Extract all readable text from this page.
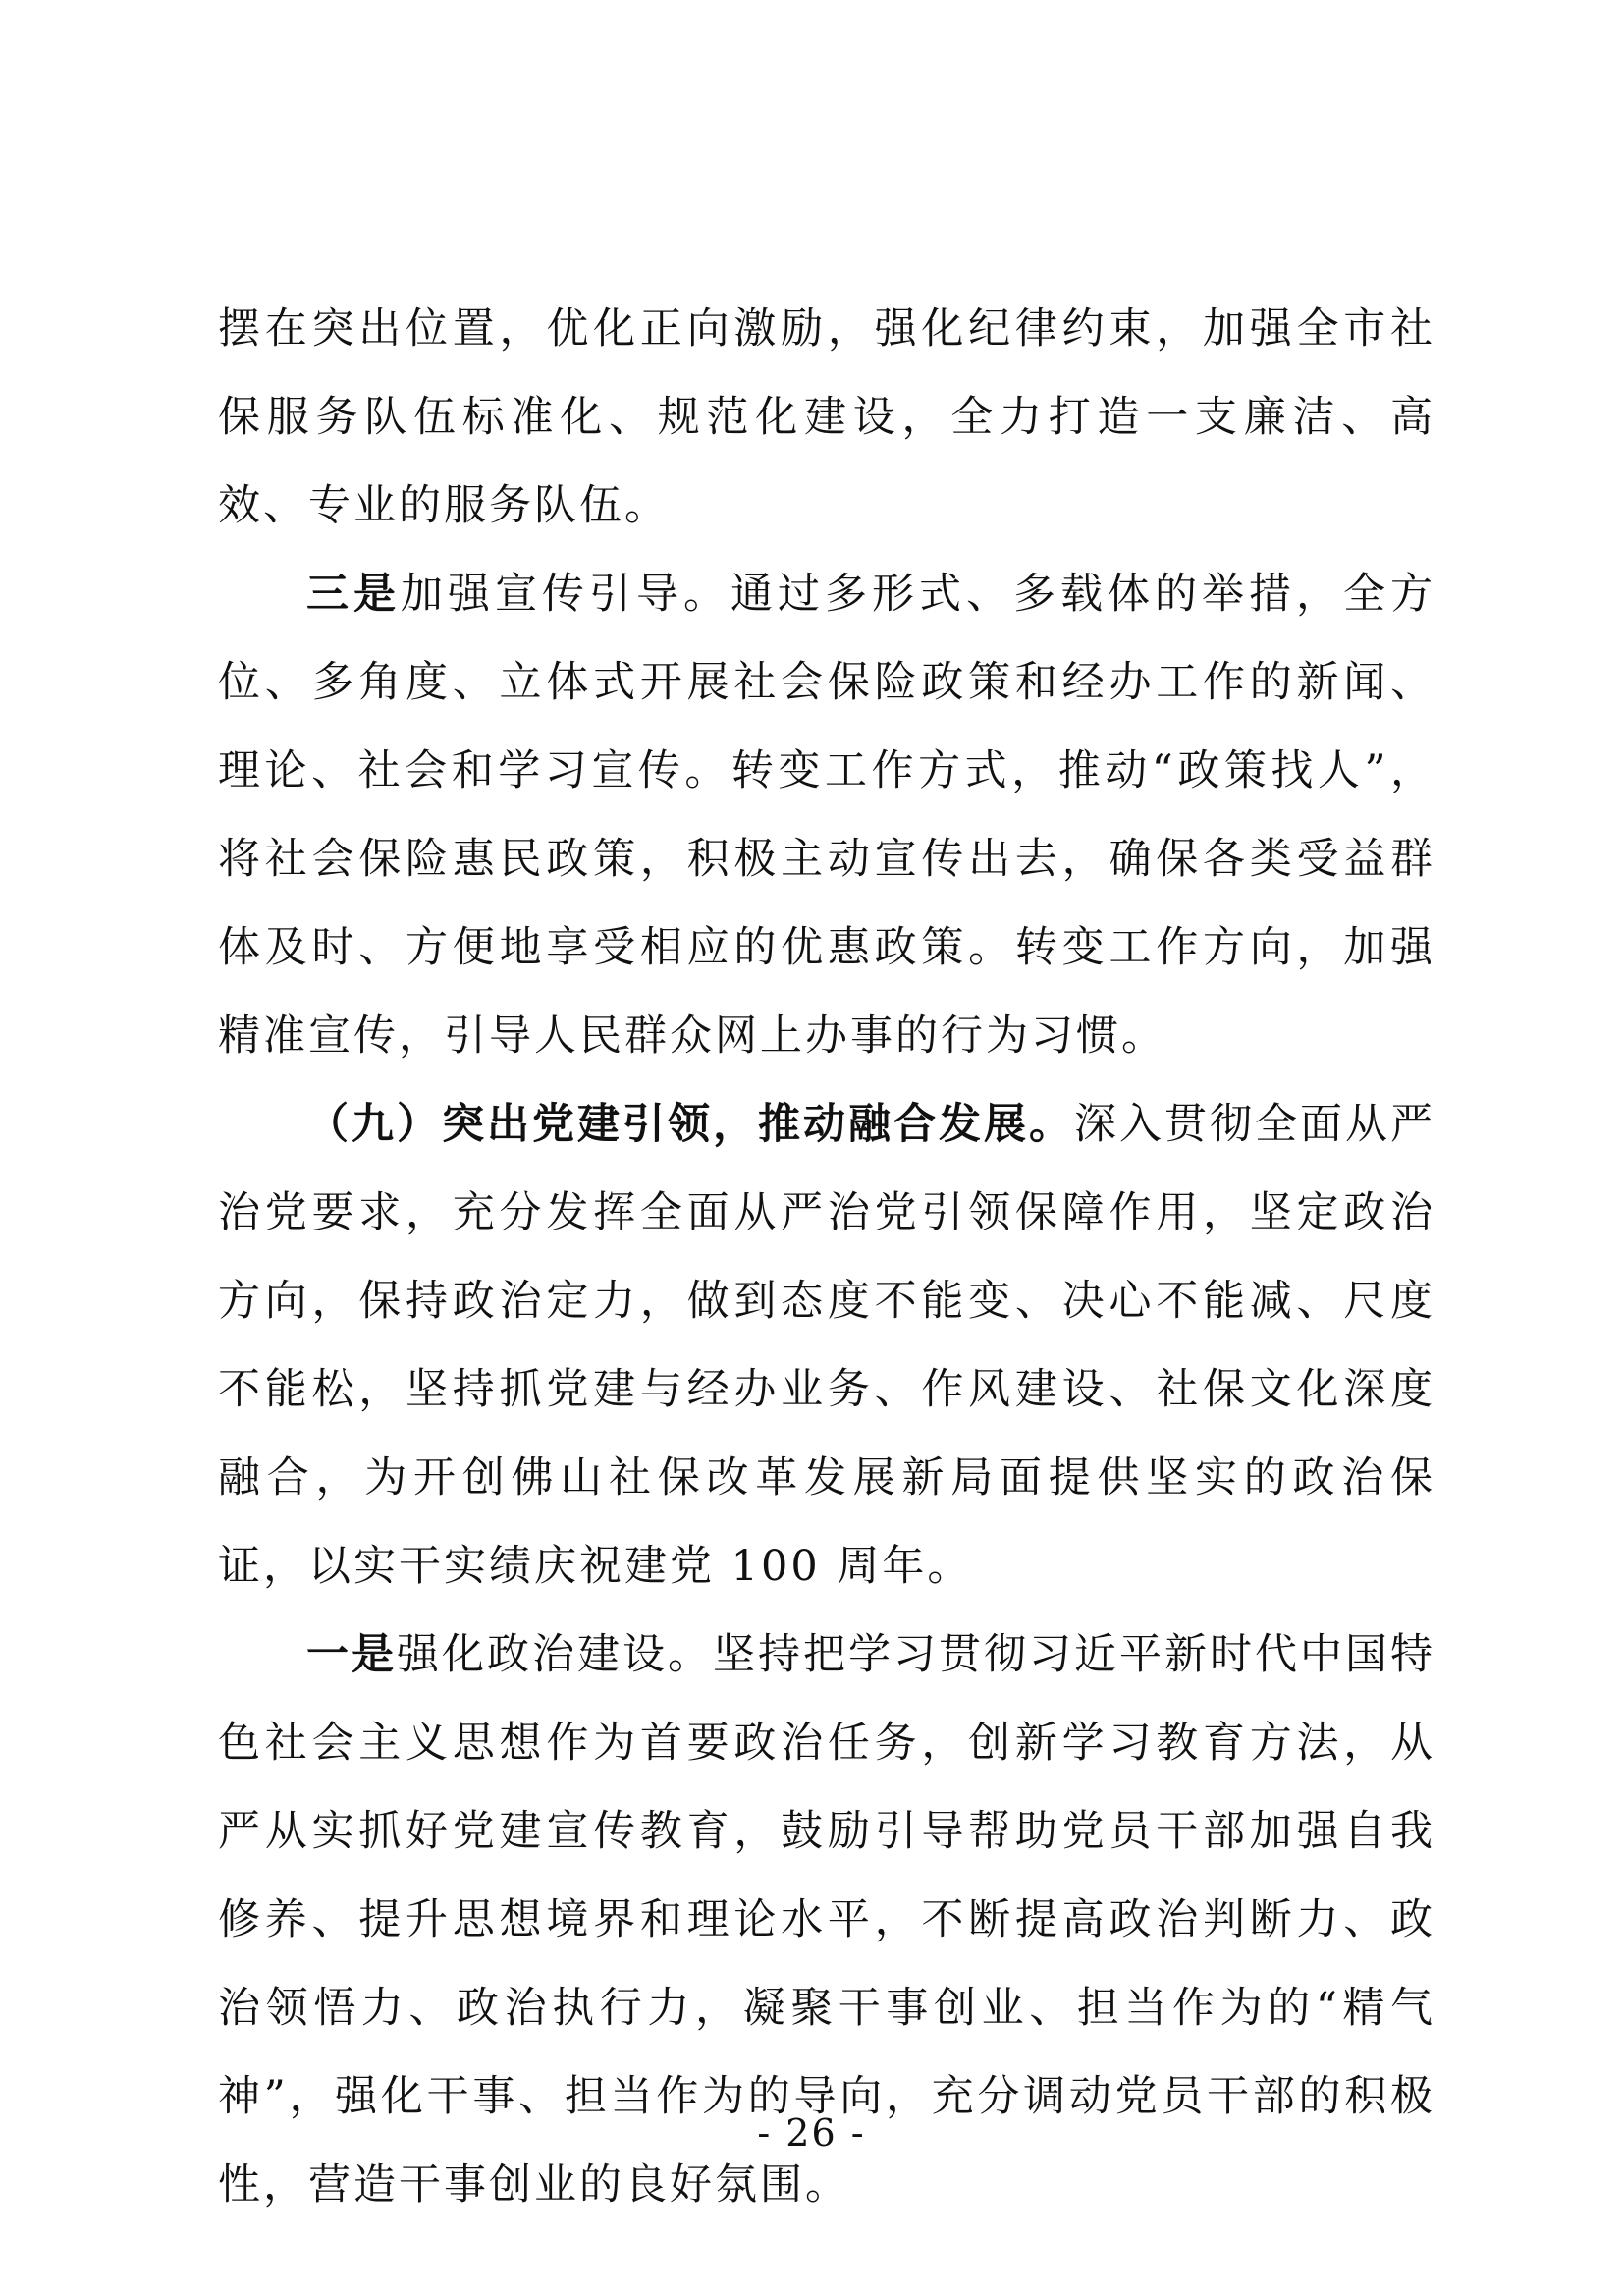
摆在突出位置，优化正向激励，强化纪律约束，加强全市社保服务队伍标准化、规范化建设，全力打造一支廉洁、高效、专业的服务队伍。

三是加强宣传引导。通过多形式、多载体的举措，全方位、多角度、立体式开展社会保险政策和经办工作的新闻、理论、社会和学习宣传。转变工作方式，推动“政策找人”，将社会保险惠民政策，积极主动宣传出去，确保各类受益群体及时、方便地享受相应的优惠政策。转变工作方向，加强精准宣传，引导人民群众网上办事的行为习惯。

（九）突出党建引领，推动融合发展。深入贯彻全面从严治党要求，充分发挥全面从严治党引领保障作用，坚定政治方向，保持政治定力，做到态度不能变、决心不能减、尺度不能松，坚持抓党建与经办业务、作风建设、社保文化深度融合，为开创佛山社保改革发展新局面提供坚实的政治保证，以实干实绩庆祝建党 100 周年。

一是强化政治建设。坚持把学习贯彻习近平新时代中国特色社会主义思想作为首要政治任务，创新学习教育方法，从严从实抓好党建宣传教育，鼓励引导帮助党员干部加强自我修养、提升思想境界和理论水平，不断提高政治判断力、政治领悟力、政治执行力，凝聚干事创业、担当作为的“精气神”，强化干事、担当作为的导向，充分调动党员干部的积极性，营造干事创业的良好氛围。

- 26 -
